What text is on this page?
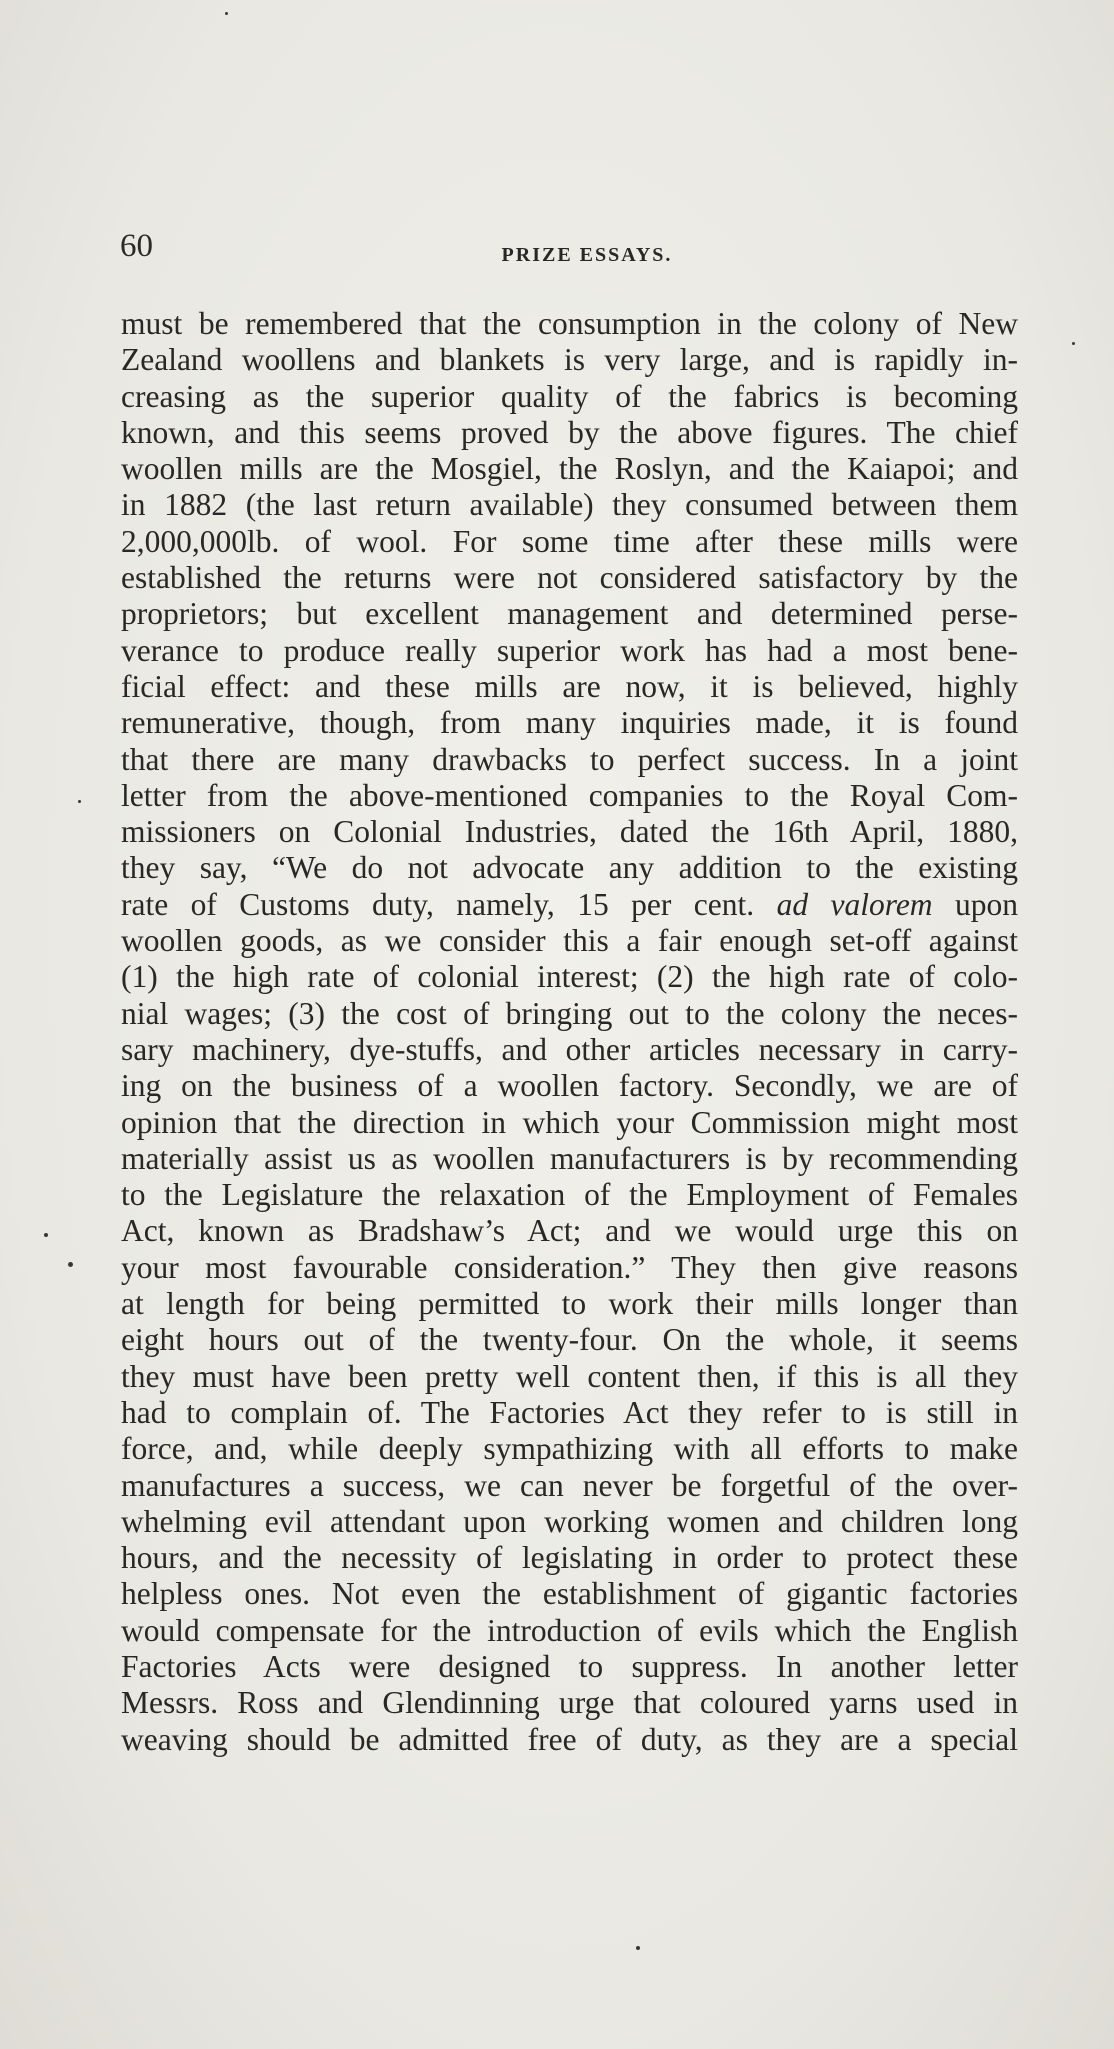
60	PRIZE ESSAYS.
must be remembered that the consumption in the colony of New
Zealand woollens and blankets is very large, and is rapidly in-
creasing as the superior quality of the fabrics is becoming
known, and this seems proved by the above figures. The chief
woollen mills are the Mosgiel, the Roslyn, and the Kaiapoi; and
in 1882 (the last return available) they consumed between them
2,000,000lb. of wool. For some time after these mills were
established the returns were not considered satisfactory by the
proprietors; but excellent management and determined perse-
verance to produce really superior work has had a most bene-
ficial effect: and these mills are now, it is believed, highly
remunerative, though, from many inquiries made, it is found
that there are many drawbacks to perfect success. In a joint
letter from the above-mentioned companies to the Royal Com-
missioners on Colonial Industries, dated the 16th April, 1880,
they say, “We do not advocate any addition to the existing
rate of Customs duty, namely, 15 per cent. ad valorem upon
woollen goods, as we consider this a fair enough set-off against
(1) the high rate of colonial interest; (2) the high rate of colo-
nial wages; (3) the cost of bringing out to the colony the neces-
sary machinery, dye-stuffs, and other articles necessary in carry-
ing on the business of a woollen factory. Secondly, we are of
opinion that the direction in which your Commission might most
materially assist us as woollen manufacturers is by recommending
to the Legislature the relaxation of the Employment of Females
Act, known as Bradshaw’s Act; and we would urge this on
your most favourable consideration.” They then give reasons
at length for being permitted to work their mills longer than
eight hours out of the twenty-four. On the whole, it seems
they must have been pretty well content then, if this is all they
had to complain of. The Factories Act they refer to is still in
force, and, while deeply sympathizing with all efforts to make
manufactures a success, we can never be forgetful of the over-
whelming evil attendant upon working women and children long
hours, and the necessity of legislating in order to protect these
helpless ones. Not even the establishment of gigantic factories
would compensate for the introduction of evils which the English
Factories Acts were designed to suppress. In another letter
Messrs. Ross and Glendinning urge that coloured yarns used in
weaving should be admitted free of duty, as they are a special
